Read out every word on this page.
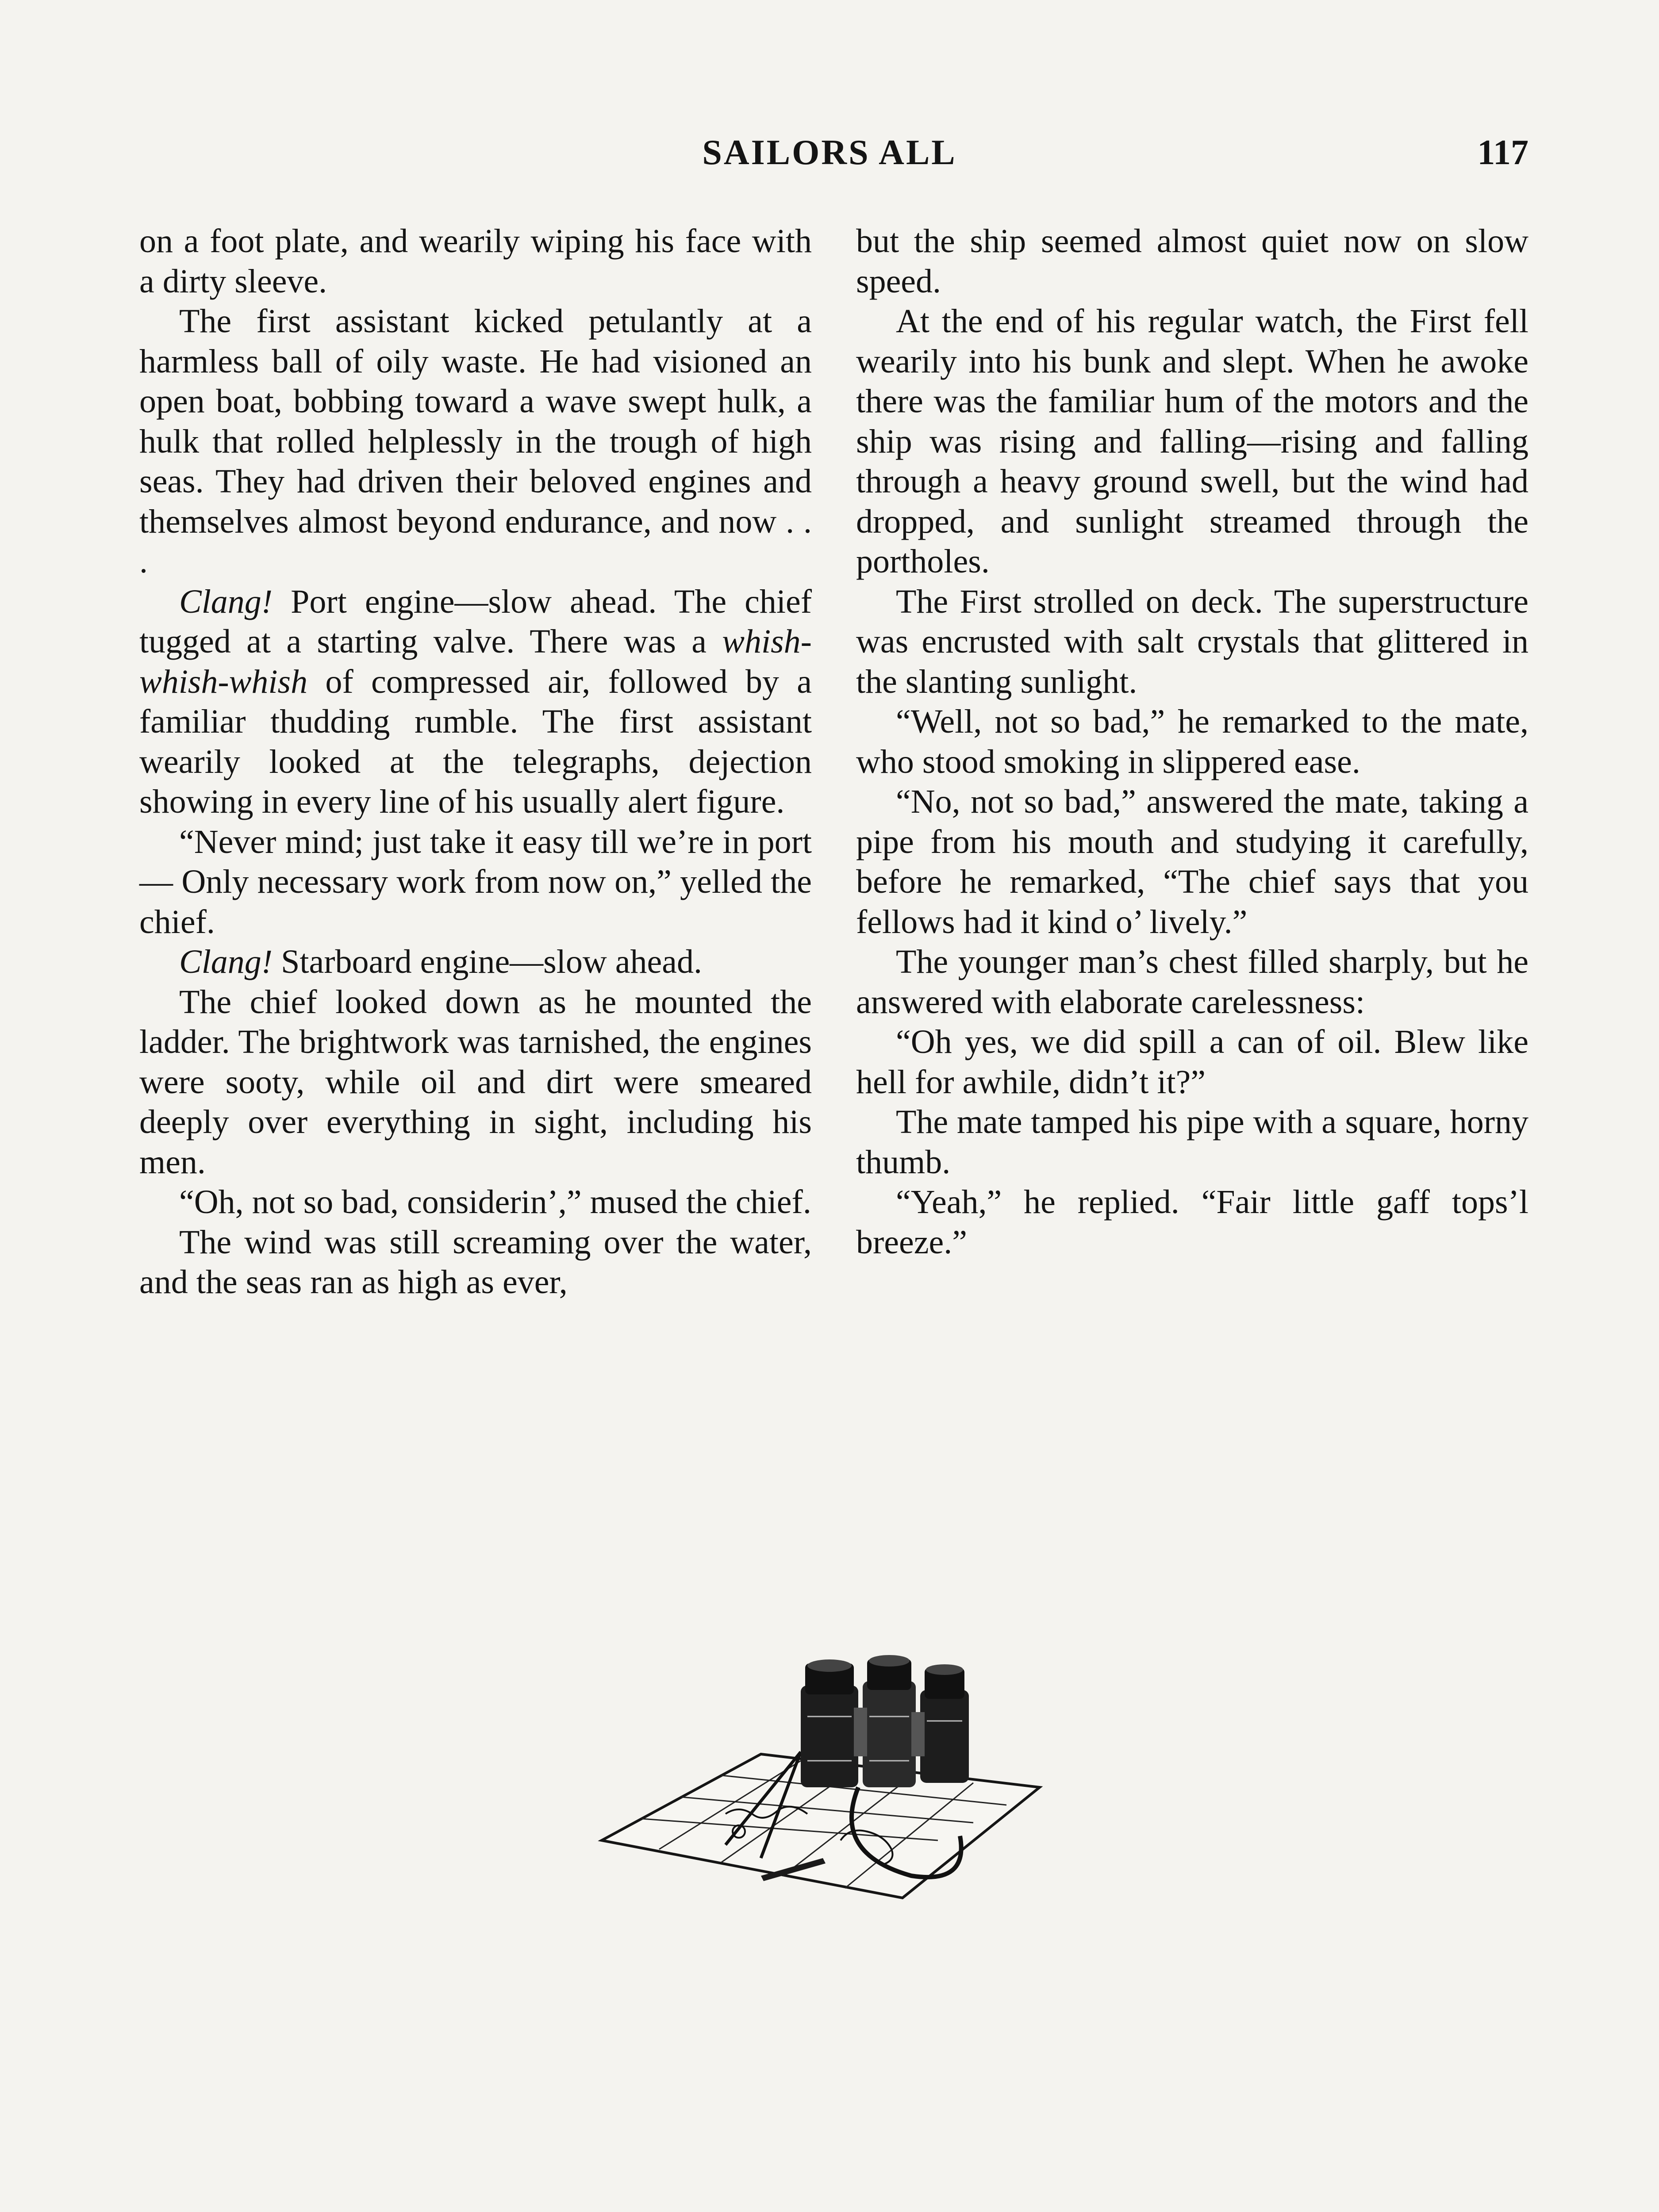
SAILORS ALL	117

on a foot plate, and wearily wiping his face with a dirty sleeve.

The first assistant kicked petulantly at a harmless ball of oily waste. He had visioned an open boat, bobbing toward a wave swept hulk, a hulk that rolled helplessly in the trough of high seas. They had driven their beloved engines and themselves almost beyond endurance, and now . . .

Clang! Port engine—slow ahead. The chief tugged at a starting valve. There was a whish-whish-whish of compressed air, followed by a familiar thudding rumble. The first assistant wearily looked at the telegraphs, dejection showing in every line of his usually alert figure.

“Never mind; just take it easy till we’re in port— Only necessary work from now on,” yelled the chief.

Clang! Starboard engine—slow ahead.

The chief looked down as he mounted the ladder. The brightwork was tarnished, the engines were sooty, while oil and dirt were smeared deeply over everything in sight, including his men.

“Oh, not so bad, considerin’,” mused the chief.

The wind was still screaming over the water, and the seas ran as high as ever,

but the ship seemed almost quiet now on slow speed.

At the end of his regular watch, the First fell wearily into his bunk and slept. When he awoke there was the familiar hum of the motors and the ship was rising and falling—rising and falling through a heavy ground swell, but the wind had dropped, and sunlight streamed through the portholes.

The First strolled on deck. The superstructure was encrusted with salt crystals that glittered in the slanting sunlight.

“Well, not so bad,” he remarked to the mate, who stood smoking in slippered ease.

“No, not so bad,” answered the mate, taking a pipe from his mouth and studying it carefully, before he remarked, “The chief says that you fellows had it kind o’ lively.”

The younger man’s chest filled sharply, but he answered with elaborate carelessness:

“Oh yes, we did spill a can of oil. Blew like hell for awhile, didn’t it?”

The mate tamped his pipe with a square, horny thumb.

“Yeah,” he replied. “Fair little gaff tops’l breeze.”
